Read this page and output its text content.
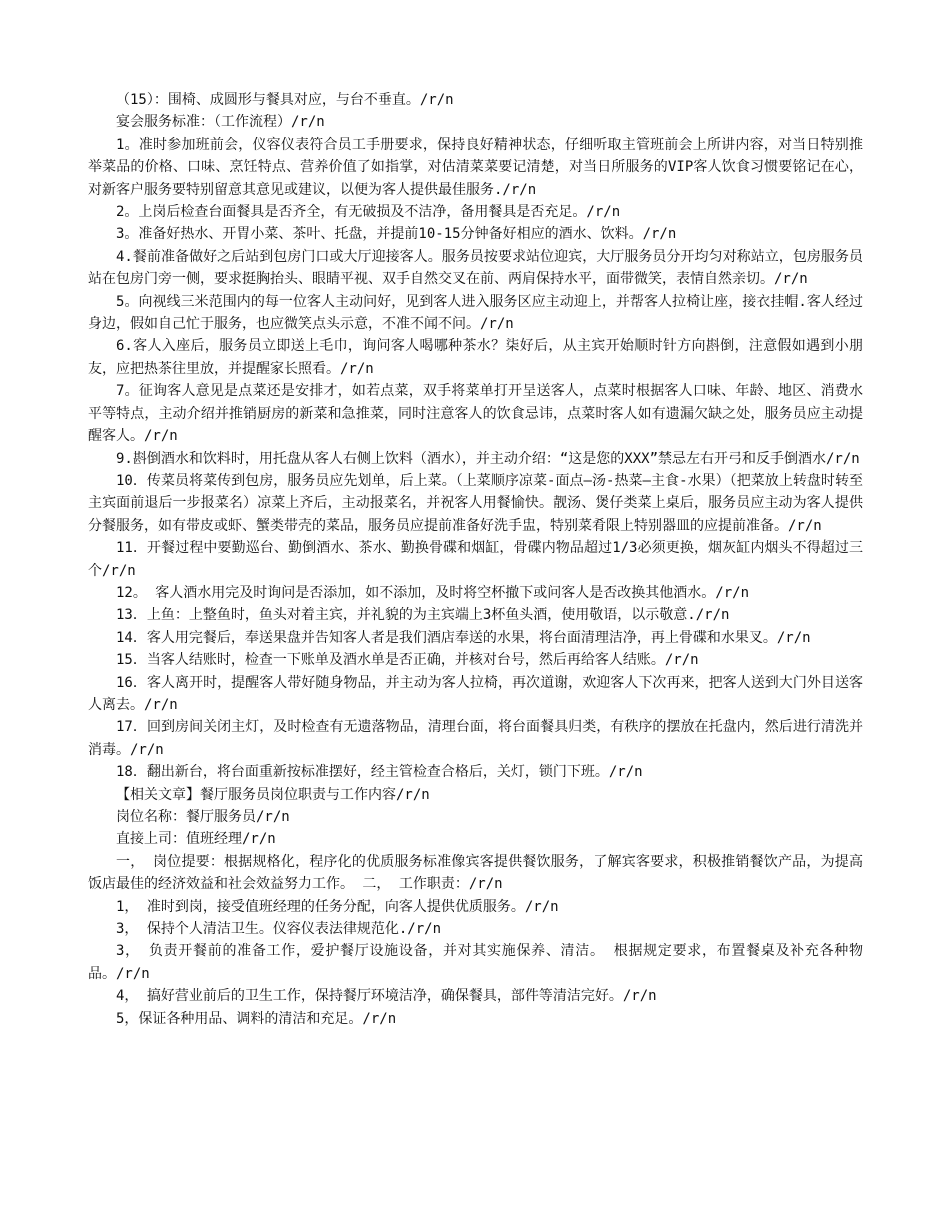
（15）：围椅、成圆形与餐具对应，与台不垂直。/r/n

宴会服务标准：（工作流程）/r/n

1。准时参加班前会，仪容仪表符合员工手册要求，保持良好精神状态，仔细听取主管班前会上所讲内容，对当日特别推举菜品的价格、口味、烹饪特点、营养价值了如指掌，对估清菜菜要记清楚，对当日所服务的VIP客人饮食习惯要铭记在心，对新客户服务要特别留意其意见或建议，以便为客人提供最佳服务./r/n

2。上岗后检查台面餐具是否齐全，有无破损及不洁净，备用餐具是否充足。/r/n

3。准备好热水、开胃小菜、茶叶、托盘，并提前10-15分钟备好相应的酒水、饮料。/r/n

4.餐前准备做好之后站到包房门口或大厅迎接客人。服务员按要求站位迎宾，大厅服务员分开均匀对称站立，包房服务员站在包房门旁一侧，要求挺胸抬头、眼睛平视、双手自然交叉在前、两肩保持水平，面带微笑，表情自然亲切。/r/n

5。向视线三米范围内的每一位客人主动问好，见到客人进入服务区应主动迎上，并帮客人拉椅让座，接衣挂帽.客人经过身边，假如自己忙于服务，也应微笑点头示意，不准不闻不问。/r/n

6.客人入座后，服务员立即送上毛巾，询问客人喝哪种茶水？柒好后，从主宾开始顺时针方向斟倒，注意假如遇到小朋友，应把热茶往里放，并提醒家长照看。/r/n

7。征询客人意见是点菜还是安排才，如若点菜，双手将菜单打开呈送客人，点菜时根据客人口味、年龄、地区、消费水平等特点，主动介绍并推销厨房的新菜和急推菜，同时注意客人的饮食忌讳，点菜时客人如有遗漏欠缺之处，服务员应主动提醒客人。/r/n

9.斟倒酒水和饮料时，用托盘从客人右侧上饮料（酒水），并主动介绍：“这是您的XXX”禁忌左右开弓和反手倒酒水/r/n

10．传菜员将菜传到包房，服务员应先划单，后上菜。（上菜顺序凉菜-面点—汤-热菜—主食-水果）（把菜放上转盘时转至主宾面前退后一步报菜名）凉菜上齐后，主动报菜名，并祝客人用餐愉快。靓汤、煲仔类菜上桌后，服务员应主动为客人提供分餐服务，如有带皮或虾、蟹类带壳的菜品，服务员应提前准备好洗手盅，特别菜肴限上特别器皿的应提前准备。/r/n

11．开餐过程中要勤巡台、勤倒酒水、茶水、勤换骨碟和烟缸，骨碟内物品超过1/3必须更换，烟灰缸内烟头不得超过三个/r/n

12。 客人酒水用完及时询问是否添加，如不添加，及时将空杯撤下或问客人是否改换其他酒水。/r/n

13．上鱼：上整鱼时，鱼头对着主宾，并礼貌的为主宾端上3杯鱼头酒，使用敬语，以示敬意./r/n

14．客人用完餐后，奉送果盘并告知客人者是我们酒店奉送的水果，将台面清理洁净，再上骨碟和水果叉。/r/n

15．当客人结账时，检查一下账单及酒水单是否正确，并核对台号，然后再给客人结账。/r/n

16．客人离开时，提醒客人带好随身物品，并主动为客人拉椅，再次道谢，欢迎客人下次再来，把客人送到大门外目送客人离去。/r/n

17．回到房间关闭主灯，及时检查有无遗落物品，清理台面，将台面餐具归类，有秩序的摆放在托盘内，然后进行清洗并消毒。/r/n

18．翻出新台，将台面重新按标准摆好，经主管检查合格后，关灯，锁门下班。/r/n

【相关文章】餐厅服务员岗位职责与工作内容/r/n

岗位名称：餐厅服务员/r/n

直接上司：值班经理/r/n

一， 岗位提要：根据规格化，程序化的优质服务标准像宾客提供餐饮服务，了解宾客要求，积极推销餐饮产品，为提高饭店最佳的经济效益和社会效益努力工作。 二， 工作职责：/r/n

1， 准时到岗，接受值班经理的任务分配，向客人提供优质服务。/r/n

3， 保持个人清洁卫生。仪容仪表法律规范化./r/n

3， 负责开餐前的准备工作，爱护餐厅设施设备，并对其实施保养、清洁。 根据规定要求，布置餐桌及补充各种物品。/r/n

4， 搞好营业前后的卫生工作，保持餐厅环境洁净，确保餐具，部件等清洁完好。/r/n

5，保证各种用品、调料的清洁和充足。/r/n
